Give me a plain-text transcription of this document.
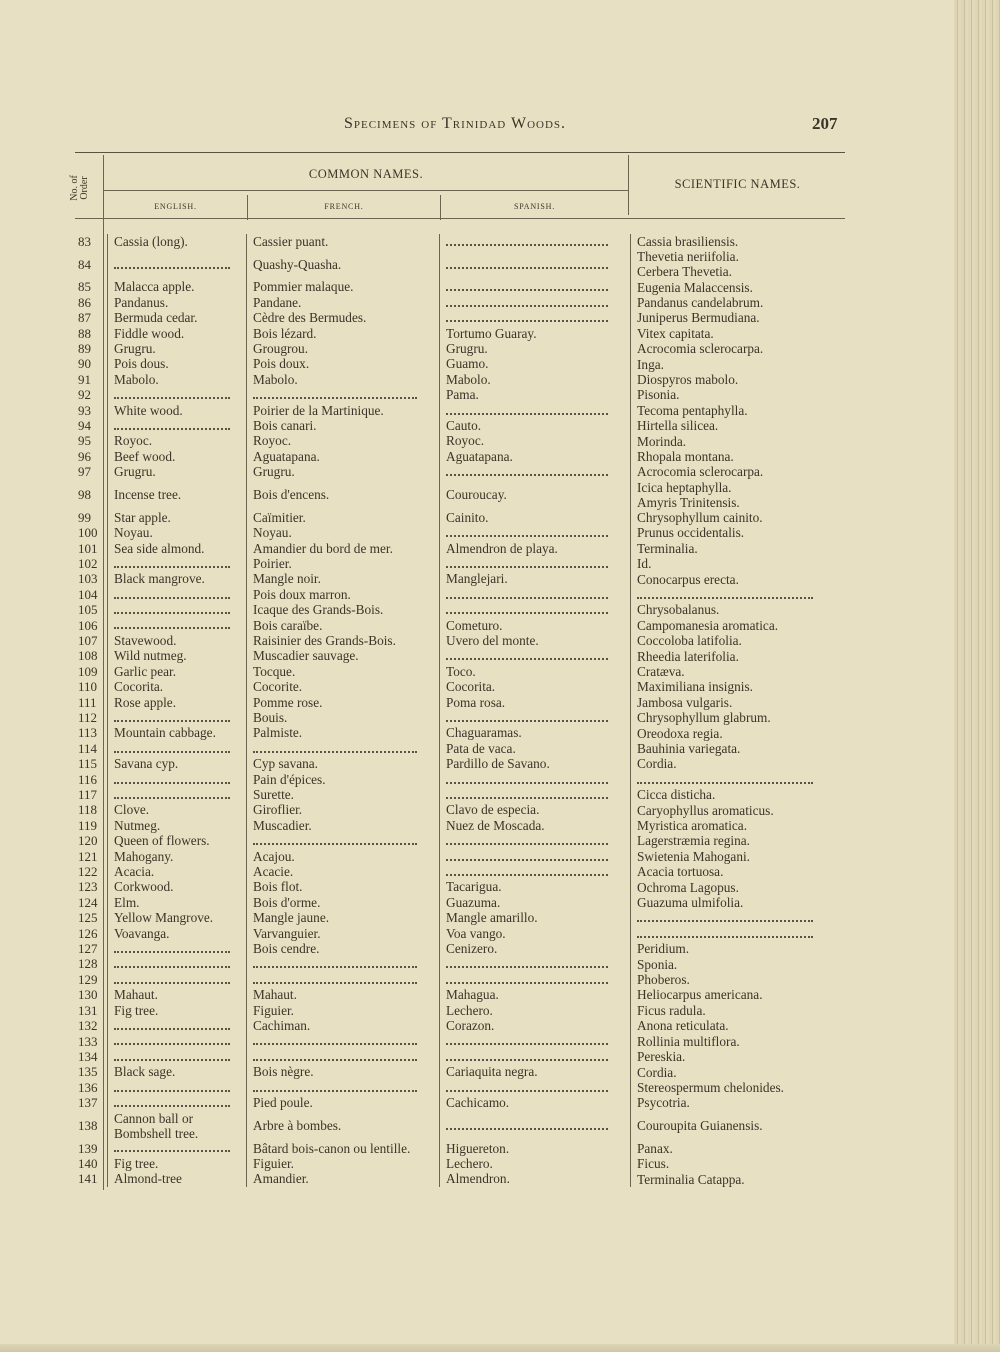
Specimens of Trinidad Woods.	207
No. of Order
COMMON NAMES.
SCIENTIFIC NAMES.
ENGLISH.	FRENCH.	SPANISH.
83	Cassia (long).	Cassier puant.		Cassia brasiliensis.
84		Quashy-Quasha.		Thevetia neriifolia.
Cerbera Thevetia.
85	Malacca apple.	Pommier malaque.		Eugenia Malaccensis.
86	Pandanus.	Pandane.		Pandanus candelabrum.
87	Bermuda cedar.	Cèdre des Bermudes.		Juniperus Bermudiana.
88	Fiddle wood.	Bois lézard.	Tortumo Guaray.	Vitex capitata.
89	Grugru.	Grougrou.	Grugru.	Acrocomia sclerocarpa.
90	Pois dous.	Pois doux.	Guamo.	Inga.
91	Mabolo.	Mabolo.	Mabolo.	Diospyros mabolo.
92			Pama.	Pisonia.
93	White wood.	Poirier de la Martinique.		Tecoma pentaphylla.
94		Bois canari.	Cauto.	Hirtella silicea.
95	Royoc.	Royoc.	Royoc.	Morinda.
96	Beef wood.	Aguatapana.	Aguatapana.	Rhopala montana.
97	Grugru.	Grugru.		Acrocomia sclerocarpa.
98	Incense tree.	Bois d'encens.	Couroucay.	Icica heptaphylla.
Amyris Trinitensis.
99	Star apple.	Caïmitier.	Cainito.	Chrysophyllum cainito.
100	Noyau.	Noyau.		Prunus occidentalis.
101	Sea side almond.	Amandier du bord de mer.	Almendron de playa.	Terminalia.
102		Poirier.		Id.
103	Black mangrove.	Mangle noir.	Manglejari.	Conocarpus erecta.
104		Pois doux marron.		
105		Icaque des Grands-Bois.		Chrysobalanus.
106		Bois caraïbe.	Cometuro.	Campomanesia aromatica.
107	Stavewood.	Raisinier des Grands-Bois.	Uvero del monte.	Coccoloba latifolia.
108	Wild nutmeg.	Muscadier sauvage.		Rheedia laterifolia.
109	Garlic pear.	Tocque.	Toco.	Cratæva.
110	Cocorita.	Cocorite.	Cocorita.	Maximiliana insignis.
111	Rose apple.	Pomme rose.	Poma rosa.	Jambosa vulgaris.
112		Bouis.		Chrysophyllum glabrum.
113	Mountain cabbage.	Palmiste.	Chaguaramas.	Oreodoxa regia.
114			Pata de vaca.	Bauhinia variegata.
115	Savana cyp.	Cyp savana.	Pardillo de Savano.	Cordia.
116		Pain d'épices.		
117		Surette.		Cicca disticha.
118	Clove.	Giroflier.	Clavo de especia.	Caryophyllus aromaticus.
119	Nutmeg.	Muscadier.	Nuez de Moscada.	Myristica aromatica.
120	Queen of flowers.			Lagerstræmia regina.
121	Mahogany.	Acajou.		Swietenia Mahogani.
122	Acacia.	Acacie.		Acacia tortuosa.
123	Corkwood.	Bois flot.	Tacarigua.	Ochroma Lagopus.
124	Elm.	Bois d'orme.	Guazuma.	Guazuma ulmifolia.
125	Yellow Mangrove.	Mangle jaune.	Mangle amarillo.	
126	Voavanga.	Varvanguier.	Voa vango.	
127		Bois cendre.	Cenizero.	Peridium.
128				Sponia.
129				Phoberos.
130	Mahaut.	Mahaut.	Mahagua.	Heliocarpus americana.
131	Fig tree.	Figuier.	Lechero.	Ficus radula.
132		Cachiman.	Corazon.	Anona reticulata.
133				Rollinia multiflora.
134				Pereskia.
135	Black sage.	Bois nègre.	Cariaquita negra.	Cordia.
136				Stereospermum chelonides.
137		Pied poule.	Cachicamo.	Psycotria.
138	Cannon ball or
Bombshell tree.	Arbre à bombes.		Couroupita Guianensis.
139		Bâtard bois-canon ou lentille.	Higuereton.	Panax.
140	Fig tree.	Figuier.	Lechero.	Ficus.
141	Almond-tree	Amandier.	Almendron.	Terminalia Catappa.
